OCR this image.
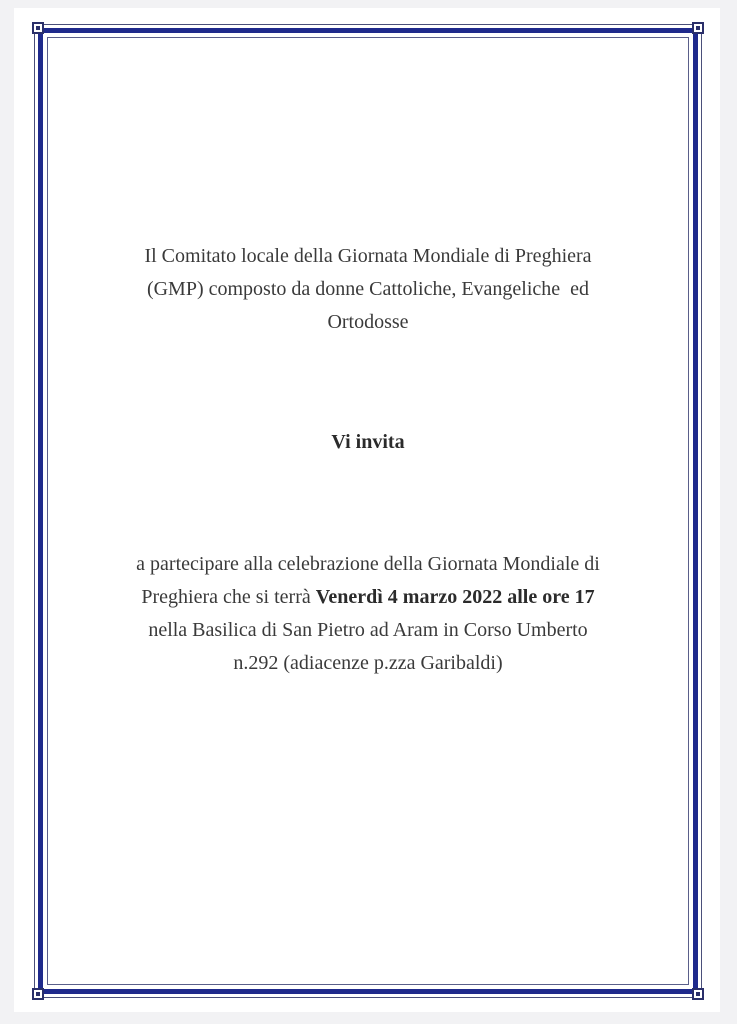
Il Comitato locale della Giornata Mondiale di Preghiera
(GMP) composto da donne Cattoliche, Evangeliche  ed
Ortodosse
Vi invita
a partecipare alla celebrazione della Giornata Mondiale di
Preghiera che si terrà Venerdì 4 marzo 2022 alle ore 17
nella Basilica di San Pietro ad Aram in Corso Umberto
n.292 (adiacenze p.zza Garibaldi)
